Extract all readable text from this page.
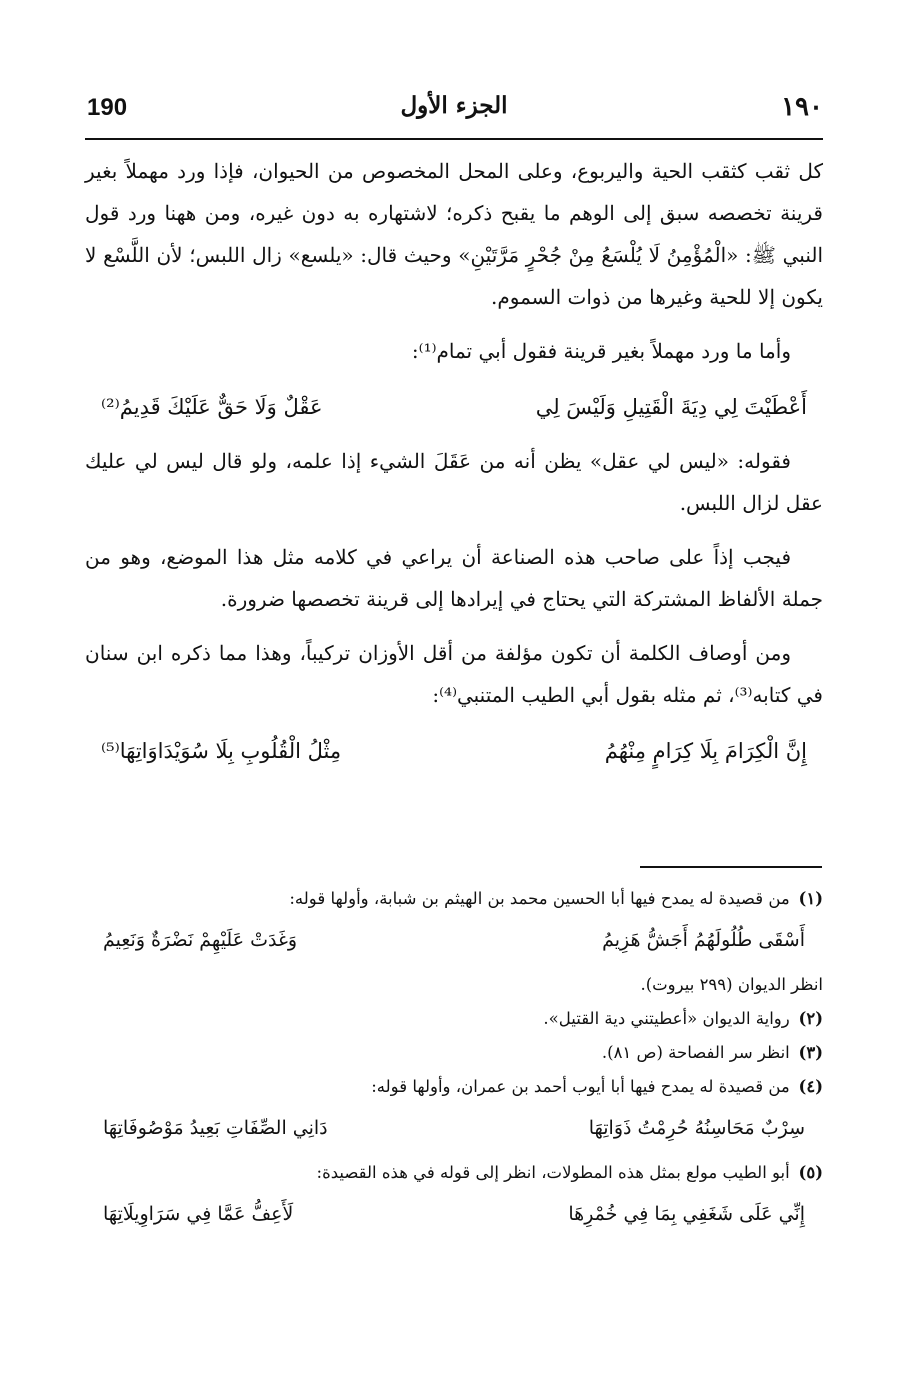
١٩٠
الجزء الأول
190

كل ثقب كثقب الحية واليربوع، وعلى المحل المخصوص من الحيوان، فإذا ورد مهملاً بغير قرينة تخصصه سبق إلى الوهم ما يقبح ذكره؛ لاشتهاره به دون غيره، ومن ههنا ورد قول النبي ﷺ: «الْمُؤْمِنُ لَا يُلْسَعُ مِنْ جُحْرٍ مَرَّتَيْنِ» وحيث قال: «يلسع» زال اللبس؛ لأن اللَّسْع لا يكون إلا للحية وغيرها من ذوات السموم.

وأما ما ورد مهملاً بغير قرينة فقول أبي تمام⁽¹⁾:

أَعْطَيْتَ لِي دِيَةَ الْقَتِيلِ وَلَيْسَ لِي
عَقْلٌ وَلَا حَقٌّ عَلَيْكَ قَدِيمُ⁽²⁾

فقوله: «ليس لي عقل» يظن أنه من عَقَلَ الشيء إذا علمه، ولو قال ليس لي عليك عقل لزال اللبس.

فيجب إذاً على صاحب هذه الصناعة أن يراعي في كلامه مثل هذا الموضع، وهو من جملة الألفاظ المشتركة التي يحتاج في إيرادها إلى قرينة تخصصها ضرورة.

ومن أوصاف الكلمة أن تكون مؤلفة من أقل الأوزان تركيباً، وهذا مما ذكره ابن سنان في كتابه⁽³⁾، ثم مثله بقول أبي الطيب المتنبي⁽⁴⁾:

إِنَّ الْكِرَامَ بِلَا كِرَامٍ مِنْهُمُ
مِثْلُ الْقُلُوبِ بِلَا سُوَيْدَاوَاتِهَا⁽⁵⁾

(١) من قصيدة له يمدح فيها أبا الحسين محمد بن الهيثم بن شبابة، وأولها قوله:

أَسْقَى طُلُولَهُمُ أَجَشُّ هَزِيمُ
وَغَدَتْ عَلَيْهِمْ نَضْرَةٌ وَنَعِيمُ

انظر الديوان (٢٩٩ بيروت).

(٢) رواية الديوان «أعطيتني دية القتيل».

(٣) انظر سر الفصاحة (ص ٨١).

(٤) من قصيدة له يمدح فيها أبا أيوب أحمد بن عمران، وأولها قوله:

سِرْبٌ مَحَاسِنُهُ حُرِمْتُ ذَوَاتِهَا
دَانِي الصِّفَاتِ بَعِيدُ مَوْصُوفَاتِهَا

(٥) أبو الطيب مولع بمثل هذه المطولات، انظر إلى قوله في هذه القصيدة:

إِنِّي عَلَى شَغَفِي بِمَا فِي خُمْرِهَا
لَأَعِفُّ عَمَّا فِي سَرَاوِيلَاتِهَا
